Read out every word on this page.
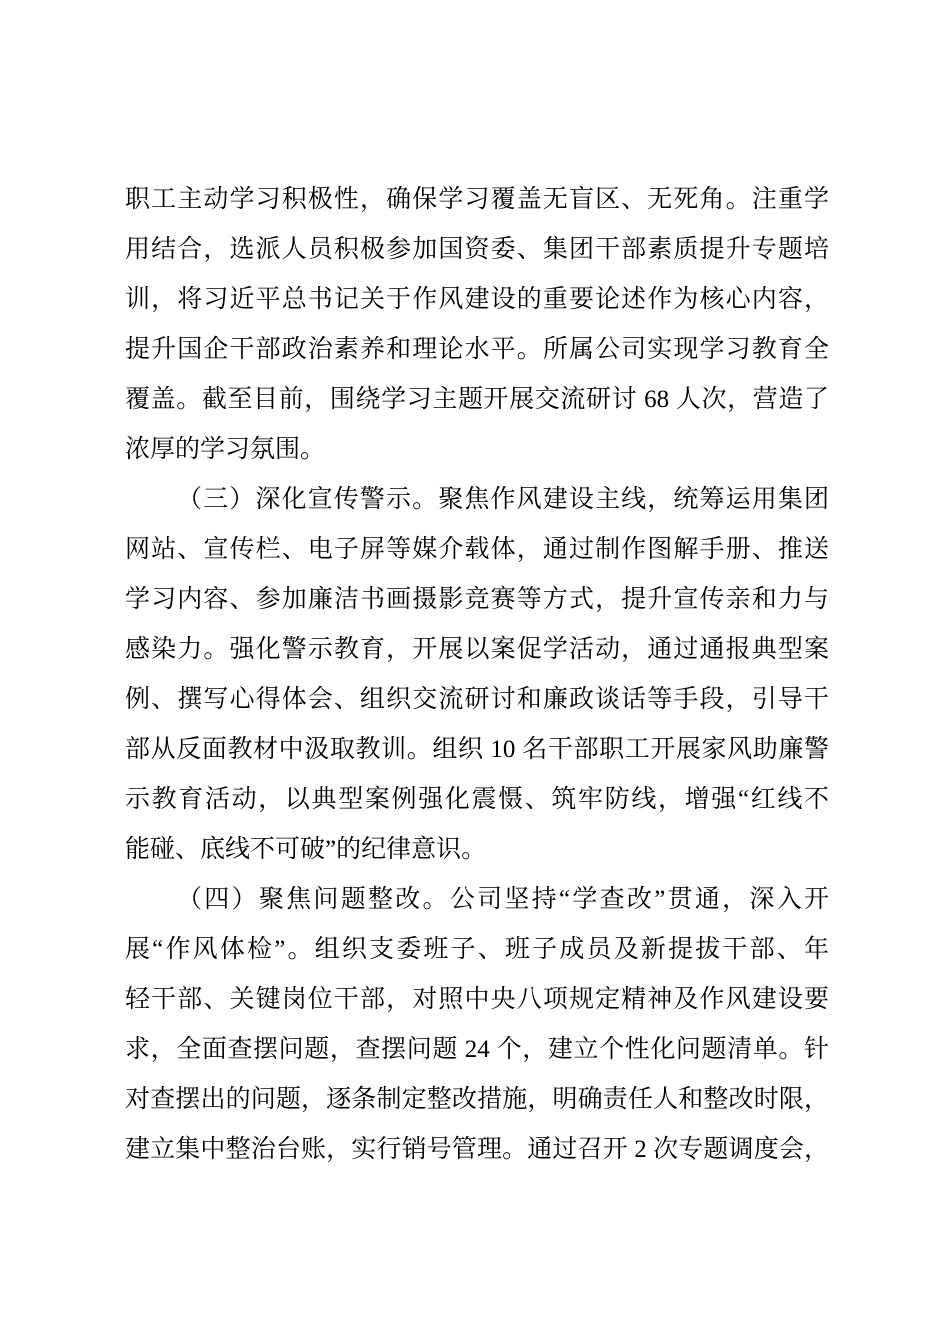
职工主动学习积极性，确保学习覆盖无盲区、无死角。注重学
用结合，选派人员积极参加国资委、集团干部素质提升专题培
训，将习近平总书记关于作风建设的重要论述作为核心内容，
提升国企干部政治素养和理论水平。所属公司实现学习教育全
覆盖。截至目前，围绕学习主题开展交流研讨 68 人次，营造了
浓厚的学习氛围。
（三）深化宣传警示。聚焦作风建设主线，统筹运用集团
网站、宣传栏、电子屏等媒介载体，通过制作图解手册、推送
学习内容、参加廉洁书画摄影竞赛等方式，提升宣传亲和力与
感染力。强化警示教育，开展以案促学活动，通过通报典型案
例、撰写心得体会、组织交流研讨和廉政谈话等手段，引导干
部从反面教材中汲取教训。组织 10 名干部职工开展家风助廉警
示教育活动，以典型案例强化震慑、筑牢防线，增强“红线不
能碰、底线不可破”的纪律意识。
（四）聚焦问题整改。公司坚持“学查改”贯通，深入开
展“作风体检”。组织支委班子、班子成员及新提拔干部、年
轻干部、关键岗位干部，对照中央八项规定精神及作风建设要
求，全面查摆问题，查摆问题 24 个，建立个性化问题清单。针
对查摆出的问题，逐条制定整改措施，明确责任人和整改时限，
建立集中整治台账，实行销号管理。通过召开 2 次专题调度会，
